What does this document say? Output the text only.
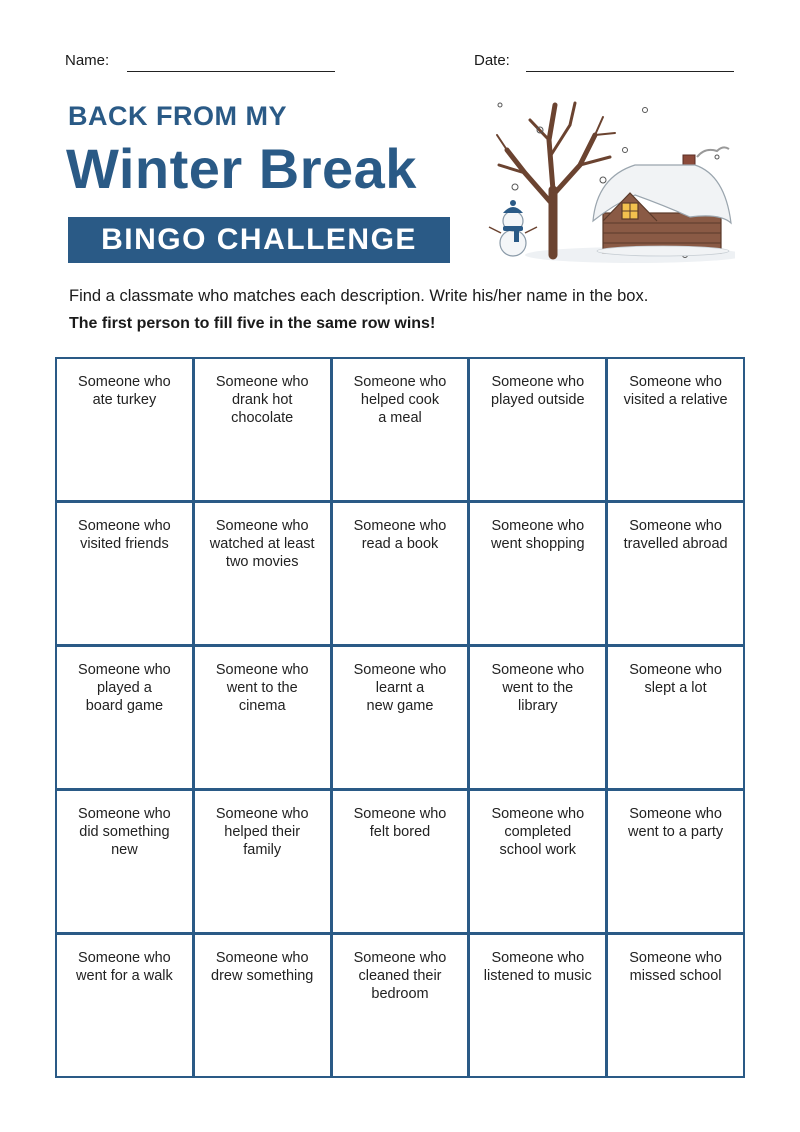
Name:	Date:
BACK FROM MY
Winter Break
BINGO CHALLENGE
Find a classmate who matches each description. Write his/her name in the box.
The first person to fill five in the same row wins!
Someone who
ate turkey
Someone who
drank hot
chocolate
Someone who
helped cook
a meal
Someone who
played outside
Someone who
visited a relative
Someone who
visited friends
Someone who
watched at least
two movies
Someone who
read a book
Someone who
went shopping
Someone who
travelled abroad
Someone who
played a
board game
Someone who
went to the
cinema
Someone who
learnt a
new game
Someone who
went to the
library
Someone who
slept a lot
Someone who
did something
new
Someone who
helped their
family
Someone who
felt bored
Someone who
completed
school work
Someone who
went to a party
Someone who
went for a walk
Someone who
drew something
Someone who
cleaned their
bedroom
Someone who
listened to music
Someone who
missed school
